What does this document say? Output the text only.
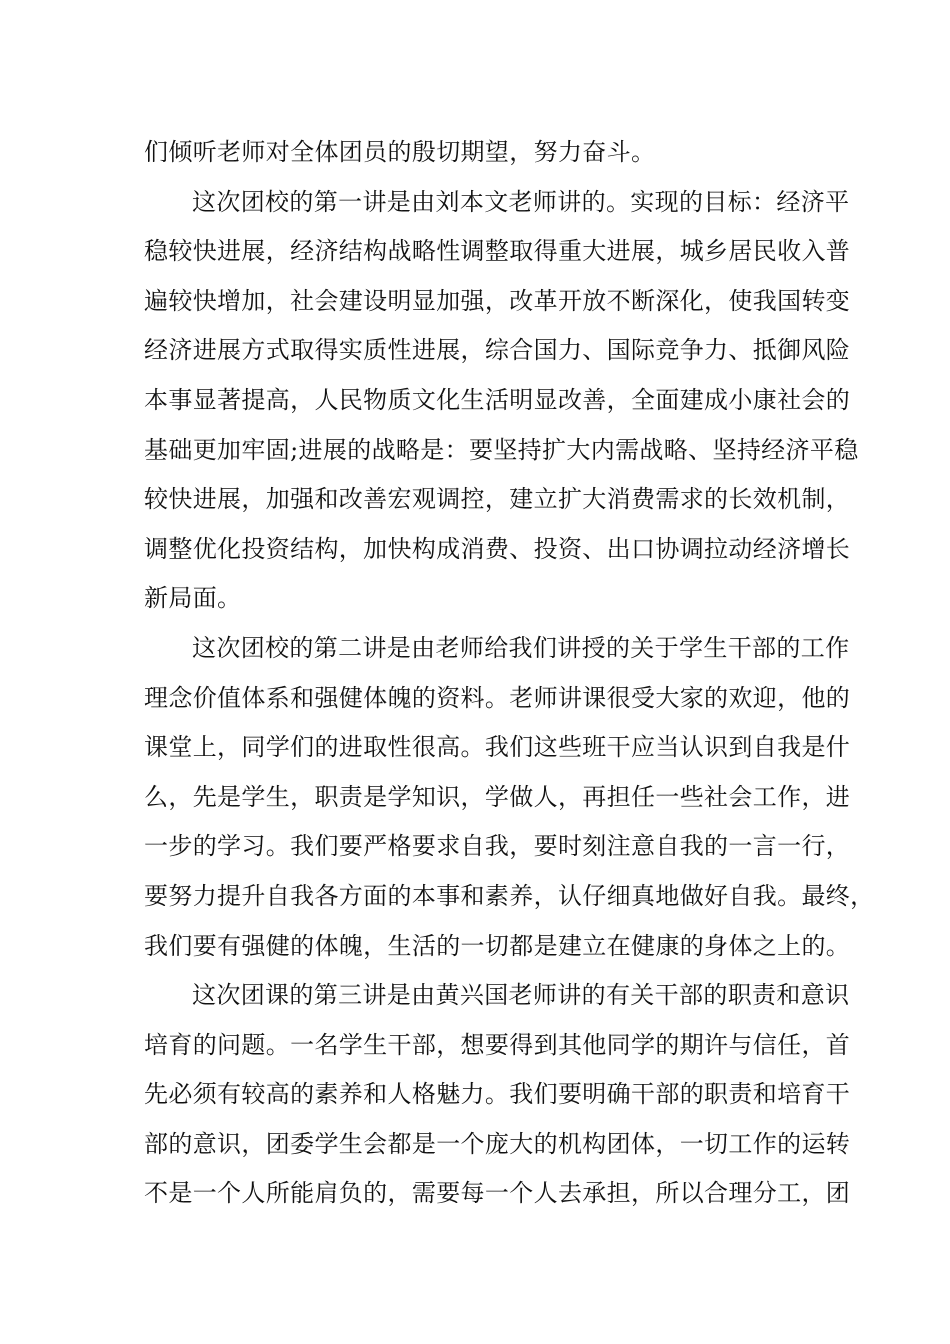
们倾听老师对全体团员的殷切期望，努力奋斗。
这次团校的第一讲是由刘本文老师讲的。实现的目标：经济平
稳较快进展，经济结构战略性调整取得重大进展，城乡居民收入普
遍较快增加，社会建设明显加强，改革开放不断深化，使我国转变
经济进展方式取得实质性进展，综合国力、国际竞争力、抵御风险
本事显著提高，人民物质文化生活明显改善，全面建成小康社会的
基础更加牢固;进展的战略是：要坚持扩大内需战略、坚持经济平稳
较快进展，加强和改善宏观调控，建立扩大消费需求的长效机制，
调整优化投资结构，加快构成消费、投资、出口协调拉动经济增长
新局面。
这次团校的第二讲是由老师给我们讲授的关于学生干部的工作
理念价值体系和强健体魄的资料。老师讲课很受大家的欢迎，他的
课堂上，同学们的进取性很高。我们这些班干应当认识到自我是什
么，先是学生，职责是学知识，学做人，再担任一些社会工作，进
一步的学习。我们要严格要求自我，要时刻注意自我的一言一行，
要努力提升自我各方面的本事和素养，认仔细真地做好自我。最终，
我们要有强健的体魄，生活的一切都是建立在健康的身体之上的。
这次团课的第三讲是由黄兴国老师讲的有关干部的职责和意识
培育的问题。一名学生干部，想要得到其他同学的期许与信任，首
先必须有较高的素养和人格魅力。我们要明确干部的职责和培育干
部的意识，团委学生会都是一个庞大的机构团体，一切工作的运转
不是一个人所能肩负的，需要每一个人去承担，所以合理分工，团
